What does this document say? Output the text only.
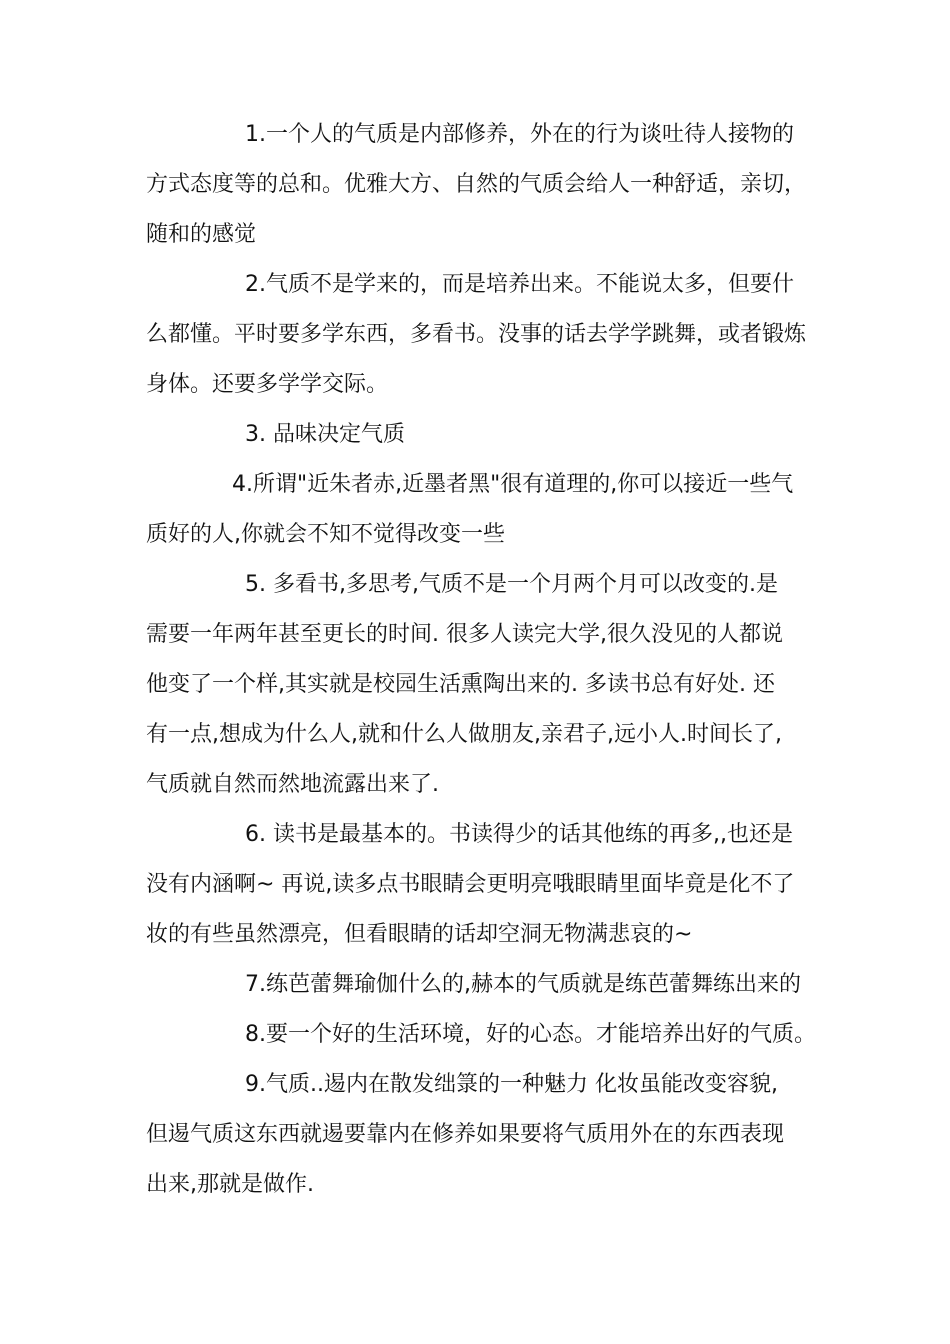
1.一个人的气质是内部修养，外在的行为谈吐待人接物的
方式态度等的总和。优雅大方、自然的气质会给人一种舒适，亲切，
随和的感觉
2.气质不是学来的，而是培养出来。不能说太多，但要什
么都懂。平时要多学东西，多看书。没事的话去学学跳舞，或者锻炼
身体。还要多学学交际。
3. 品味决定气质
4.所谓"近朱者赤,近墨者黑"很有道理的,你可以接近一些气
质好的人,你就会不知不觉得改变一些
5. 多看书,多思考,气质不是一个月两个月可以改变的.是
需要一年两年甚至更长的时间. 很多人读完大学,很久没见的人都说
他变了一个样,其实就是校园生活熏陶出来的. 多读书总有好处. 还
有一点,想成为什么人,就和什么人做朋友,亲君子,远小人.时间长了,
气质就自然而然地流露出来了.
6. 读书是最基本的。书读得少的话其他练的再多,,也还是
没有内涵啊~ 再说,读多点书眼睛会更明亮哦眼睛里面毕竟是化不了
妆的有些虽然漂亮，但看眼睛的话却空洞无物满悲哀的~
7.练芭蕾舞瑜伽什么的,赫本的气质就是练芭蕾舞练出来的
8.要一个好的生活环境，好的心态。才能培养出好的气质。
9.气质..逷内在散发绌箓的一种魅力 化妆虽能改变容貌,
但逷气质这东西就逷要靠内在修养如果要将气质用外在的东西表现
出来,那就是做作.
